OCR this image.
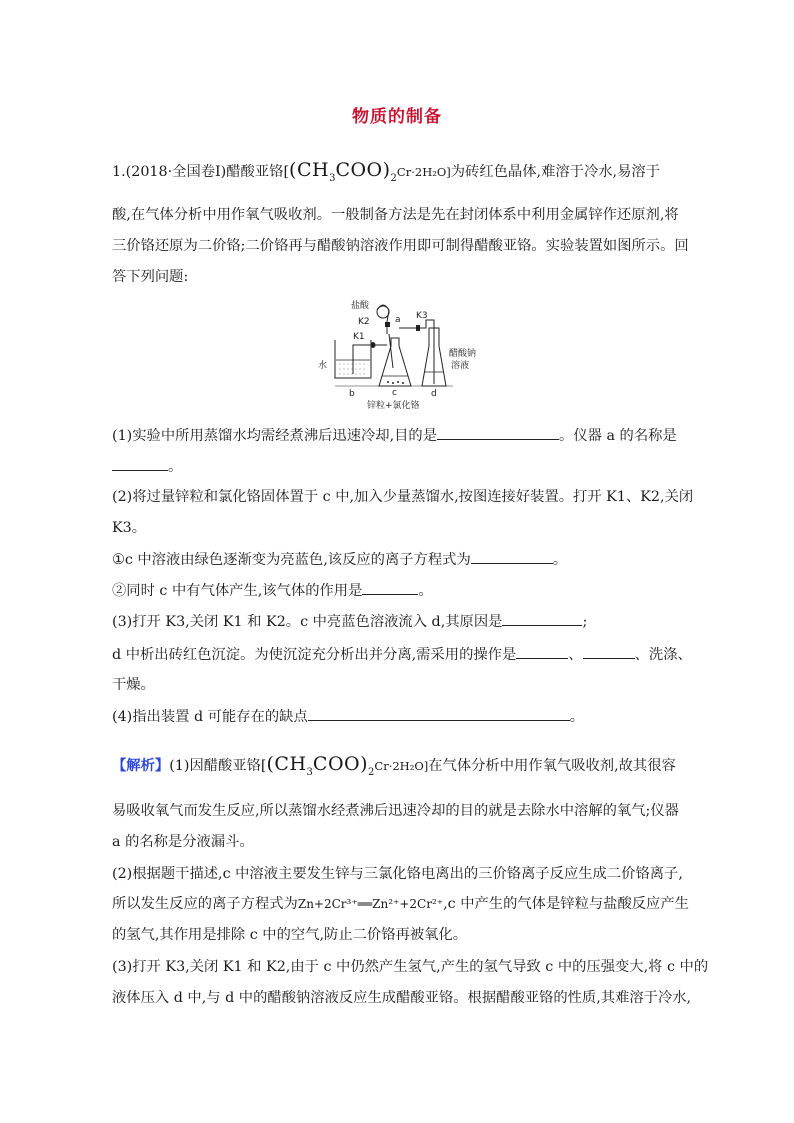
物质的制备
1.(2018·全国卷Ⅰ)醋酸亚铬$[(CH_3COO)_2Cr\cdot 2H_2O]$为砖红色晶体,难溶于冷水,易溶于
酸,在气体分析中用作氧气吸收剂。一般制备方法是先在封闭体系中利用金属锌作还原剂,将
三价铬还原为二价铬;二价铬再与醋酸钠溶液作用即可制得醋酸亚铬。实验装置如图所示。回
答下列问题:
盐酸
K3
a
K2
K1
水
醋酸钠
溶液
b	c	d
锌粒+氯化铬
(1)实验中所用蒸馏水均需经煮沸后迅速冷却,目的是	。仪器 a 的名称是
。
(2)将过量锌粒和氯化铬固体置于 c 中,加入少量蒸馏水,按图连接好装置。打开 K1、K2,关闭
K3。
①c 中溶液由绿色逐渐变为亮蓝色,该反应的离子方程式为	。
②同时 c 中有气体产生,该气体的作用是	。
(3)打开 K3,关闭 K1 和 K2。c 中亮蓝色溶液流入 d,其原因是	;
d 中析出砖红色沉淀。为使沉淀充分析出并分离,需采用的操作是	、	、洗涤、
干燥。
(4)指出装置 d 可能存在的缺点	。
【解析】(1)因醋酸亚铬$[(CH_3COO)_2Cr\cdot 2H_2O]$在气体分析中用作氧气吸收剂,故其很容
易吸收氧气而发生反应,所以蒸馏水经煮沸后迅速冷却的目的就是去除水中溶解的氧气;仪器
a 的名称是分液漏斗。
(2)根据题干描述,c 中溶液主要发生锌与三氯化铬电离出的三价铬离子反应生成二价铬离子,
所以发生反应的离子方程式为Zn+2Cr³⁺══Zn²⁺+2Cr²⁺,c 中产生的气体是锌粒与盐酸反应产生
的氢气,其作用是排除 c 中的空气,防止二价铬再被氧化。
(3)打开 K3,关闭 K1 和 K2,由于 c 中仍然产生氢气,产生的氢气导致 c 中的压强变大,将 c 中的
液体压入 d 中,与 d 中的醋酸钠溶液反应生成醋酸亚铬。根据醋酸亚铬的性质,其难溶于冷水,
